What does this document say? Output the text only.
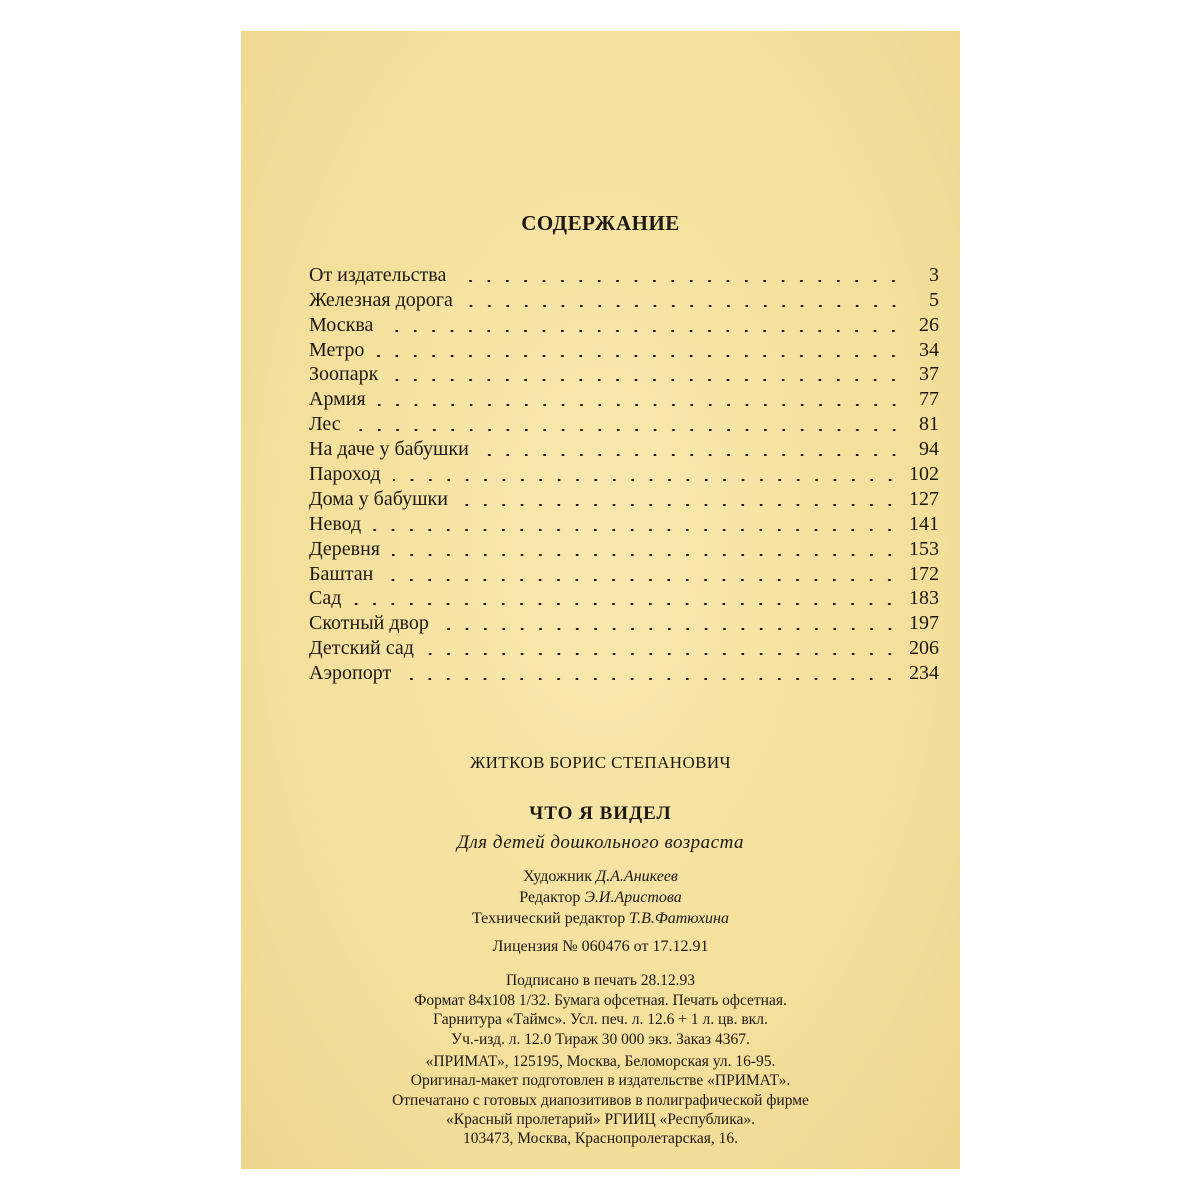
СОДЕРЖАНИЕ
От издательства	3
Железная дорога	5
Москва	26
Метро	34
Зоопарк	37
Армия	77
Лес	81
На даче у бабушки	94
Пароход	102
Дома у бабушки	127
Невод	141
Деревня	153
Баштан	172
Сад	183
Скотный двор	197
Детский сад	206
Аэропорт	234
ЖИТКОВ БОРИС СТЕПАНОВИЧ
ЧТО Я ВИДЕЛ
Для детей дошкольного возраста
Художник Д.А.Аникеев
Редактор Э.И.Аристова
Технический редактор Т.В.Фатюхина
Лицензия № 060476 от 17.12.91
Подписано в печать 28.12.93
Формат 84x108 1/32. Бумага офсетная. Печать офсетная.
Гарнитура «Таймс». Усл. печ. л. 12.6 + 1 л. цв. вкл.
Уч.-изд. л. 12.0 Тираж 30 000 экз. Заказ 4367.
«ПРИМАТ», 125195, Москва, Беломорская ул. 16-95.
Оригинал-макет подготовлен в издательстве «ПРИМАТ».
Отпечатано с готовых диапозитивов в полиграфической фирме
«Красный пролетарий» РГИИЦ «Республика».
103473, Москва, Краснопролетарская, 16.
